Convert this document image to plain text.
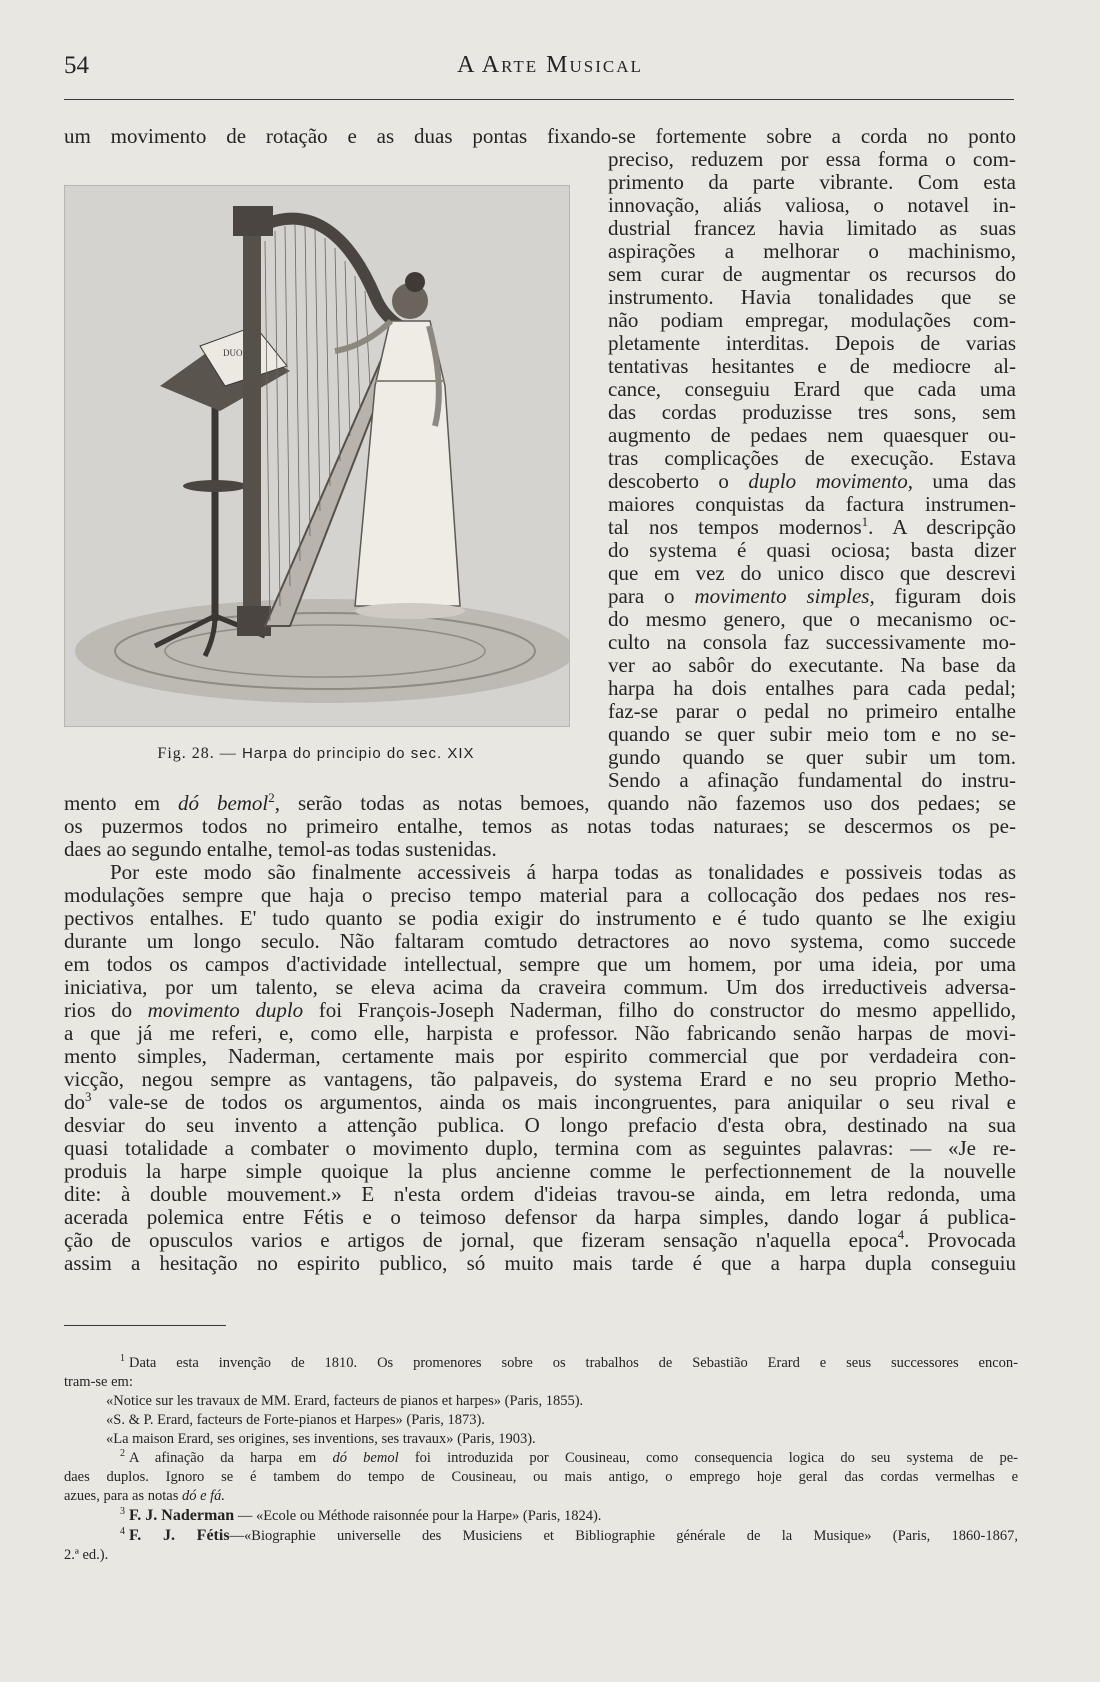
54	A Arte Musical
um movimento de rotação e as duas pontas fixando-se fortemente sobre a corda no ponto
DUO
Fig. 28. — Harpa do principio do sec. XIX
preciso, reduzem por essa forma o com-
primento da parte vibrante. Com esta
innovação, aliás valiosa, o notavel in-
dustrial francez havia limitado as suas
aspirações a melhorar o machinismo,
sem curar de augmentar os recursos do
instrumento. Havia tonalidades que se
não podiam empregar, modulações com-
pletamente interditas. Depois de varias
tentativas hesitantes e de mediocre al-
cance, conseguiu Erard que cada uma
das cordas produzisse tres sons, sem
augmento de pedaes nem quaesquer ou-
tras complicações de execução. Estava
descoberto o duplo movimento, uma das
maiores conquistas da factura instrumen-
tal nos tempos modernos$^1$. A descripção
do systema é quasi ociosa; basta dizer
que em vez do unico disco que descrevi
para o movimento simples, figuram dois
do mesmo genero, que o mecanismo oc-
culto na consola faz successivamente mo-
ver ao sabôr do executante. Na base da
harpa ha dois entalhes para cada pedal;
faz-se parar o pedal no primeiro entalhe
quando se quer subir meio tom e no se-
gundo quando se quer subir um tom.
Sendo a afinação fundamental do instru-
mento em dó bemol$^2$, serão todas as notas bemoes, quando não fazemos uso dos pedaes; se
os puzermos todos no primeiro entalhe, temos as notas todas naturaes; se descermos os pe-
daes ao segundo entalhe, temol-as todas sustenidas.
Por este modo são finalmente accessiveis á harpa todas as tonalidades e possiveis todas as
modulações sempre que haja o preciso tempo material para a collocação dos pedaes nos res-
pectivos entalhes. E' tudo quanto se podia exigir do instrumento e é tudo quanto se lhe exigiu
durante um longo seculo. Não faltaram comtudo detractores ao novo systema, como succede
em todos os campos d'actividade intellectual, sempre que um homem, por uma ideia, por uma
iniciativa, por um talento, se eleva acima da craveira commum. Um dos irreductiveis adversa-
rios do movimento duplo foi François-Joseph Naderman, filho do constructor do mesmo appellido,
a que já me referi, e, como elle, harpista e professor. Não fabricando senão harpas de movi-
mento simples, Naderman, certamente mais por espirito commercial que por verdadeira con-
vicção, negou sempre as vantagens, tão palpaveis, do systema Erard e no seu proprio Metho-
$do^3$ vale-se de todos os argumentos, ainda os mais incongruentes, para aniquilar o seu rival e
desviar do seu invento a attenção publica. O longo prefacio d'esta obra, destinado na sua
quasi totalidade a combater o movimento duplo, termina com as seguintes palavras: — «Je re-
produis la harpe simple quoique la plus ancienne comme le perfectionnement de la nouvelle
dite: à double mouvement.» E n'esta ordem d'ideias travou-se ainda, em letra redonda, uma
acerada polemica entre Fétis e o teimoso defensor da harpa simples, dando logar á publica-
ção de opusculos varios e artigos de jornal, que fizeram sensação n'aquella epoca$^4$. Provocada
assim a hesitação no espirito publico, só muito mais tarde é que a harpa dupla conseguiu
$^1$ Data esta invenção de 1810. Os promenores sobre os trabalhos de Sebastião Erard e seus successores encon-
tram-se em:
«Notice sur les travaux de MM. Erard, facteurs de pianos et harpes» (Paris, 1855).
«S. & P. Erard, facteurs de Forte-pianos et Harpes» (Paris, 1873).
«La maison Erard, ses origines, ses inventions, ses travaux» (Paris, 1903).
$^2$ A afinação da harpa em dó bemol foi introduzida por Cousineau, como consequencia logica do seu systema de pe-
daes duplos. Ignoro se é tambem do tempo de Cousineau, ou mais antigo, o emprego hoje geral das cordas vermelhas e
azues, para as notas dó e fá.
$^3$ F. J. Naderman — «Ecole ou Méthode raisonnée pour la Harpe» (Paris, 1824).
$^4$ F. J. Fétis—«Biographie universelle des Musiciens et Bibliographie générale de la Musique» (Paris, 1860-1867,
2.ª ed.).
